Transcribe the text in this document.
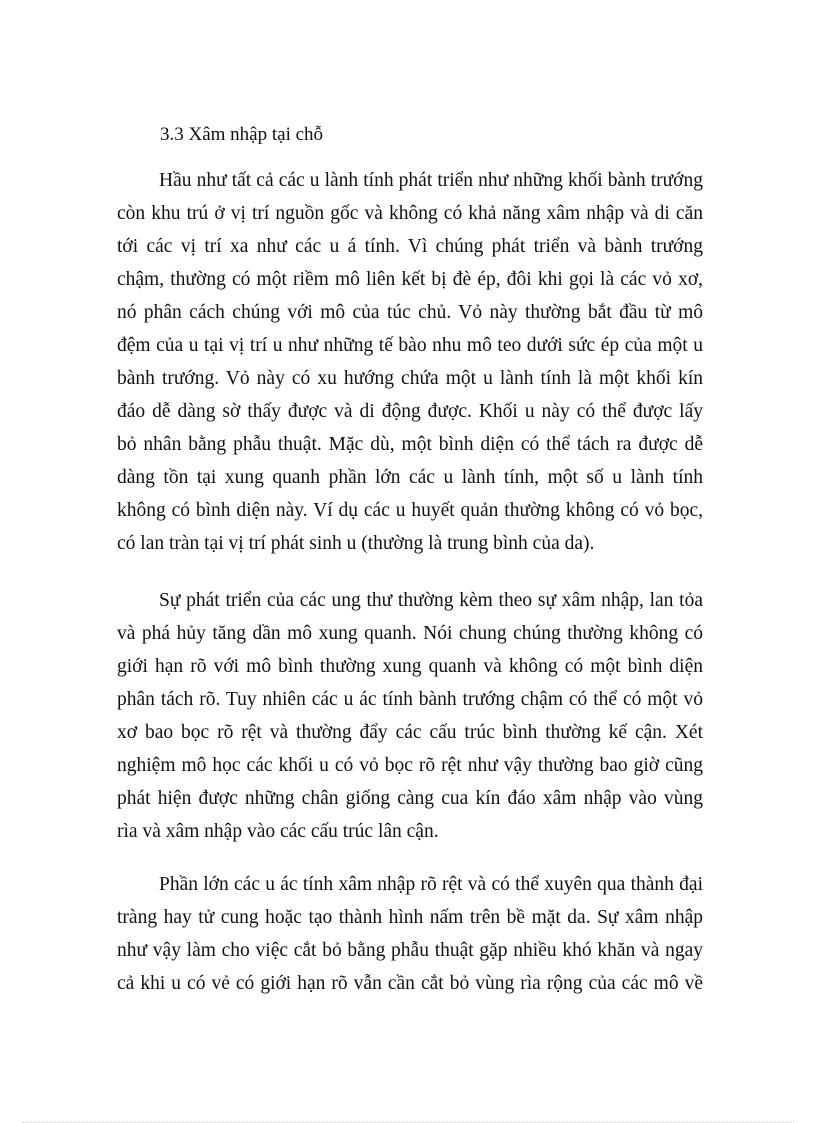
3.3 Xâm nhập tại chỗ
Hầu như tất cả các u lành tính phát triển như những khối bành trướng
còn khu trú ở vị trí nguồn gốc và không có khả năng xâm nhập và di căn
tới các vị trí xa như các u á tính. Vì chúng phát triển và bành trướng
chậm, thường có một riềm mô liên kết bị đè ép, đôi khi gọi là các vỏ xơ,
nó phân cách chúng với mô của túc chủ. Vỏ này thường bắt đầu từ mô
đệm của u tại vị trí u như những tế bào nhu mô teo dưới sức ép của một u
bành trướng. Vỏ này có xu hướng chứa một u lành tính là một khối kín
đáo dễ dàng sờ thấy được và di động được. Khối u này có thể được lấy
bỏ nhân bằng phẫu thuật. Mặc dù, một bình diện có thể tách ra được dễ
dàng tồn tại xung quanh phần lớn các u lành tính, một số u lành tính
không có bình diện này. Ví dụ các u huyết quản thường không có vỏ bọc,
có lan tràn tại vị trí phát sinh u (thường là trung bình của da).
Sự phát triển của các ung thư thường kèm theo sự xâm nhập, lan tỏa
và phá hủy tăng dần mô xung quanh. Nói chung chúng thường không có
giới hạn rõ với mô bình thường xung quanh và không có một bình diện
phân tách rõ. Tuy nhiên các u ác tính bành trướng chậm có thể có một vỏ
xơ bao bọc rõ rệt và thường đẩy các cấu trúc bình thường kế cận. Xét
nghiệm mô học các khối u có vỏ bọc rõ rệt như vậy thường bao giờ cũng
phát hiện được những chân giống càng cua kín đáo xâm nhập vào vùng
rìa và xâm nhập vào các cấu trúc lân cận.
Phần lớn các u ác tính xâm nhập rõ rệt và có thể xuyên qua thành đại
tràng hay tử cung hoặc tạo thành hình nấm trên bề mặt da. Sự xâm nhập
như vậy làm cho việc cắt bỏ bằng phẫu thuật gặp nhiều khó khăn và ngay
cả khi u có vẻ có giới hạn rõ vẫn cần cắt bỏ vùng rìa rộng của các mô về
